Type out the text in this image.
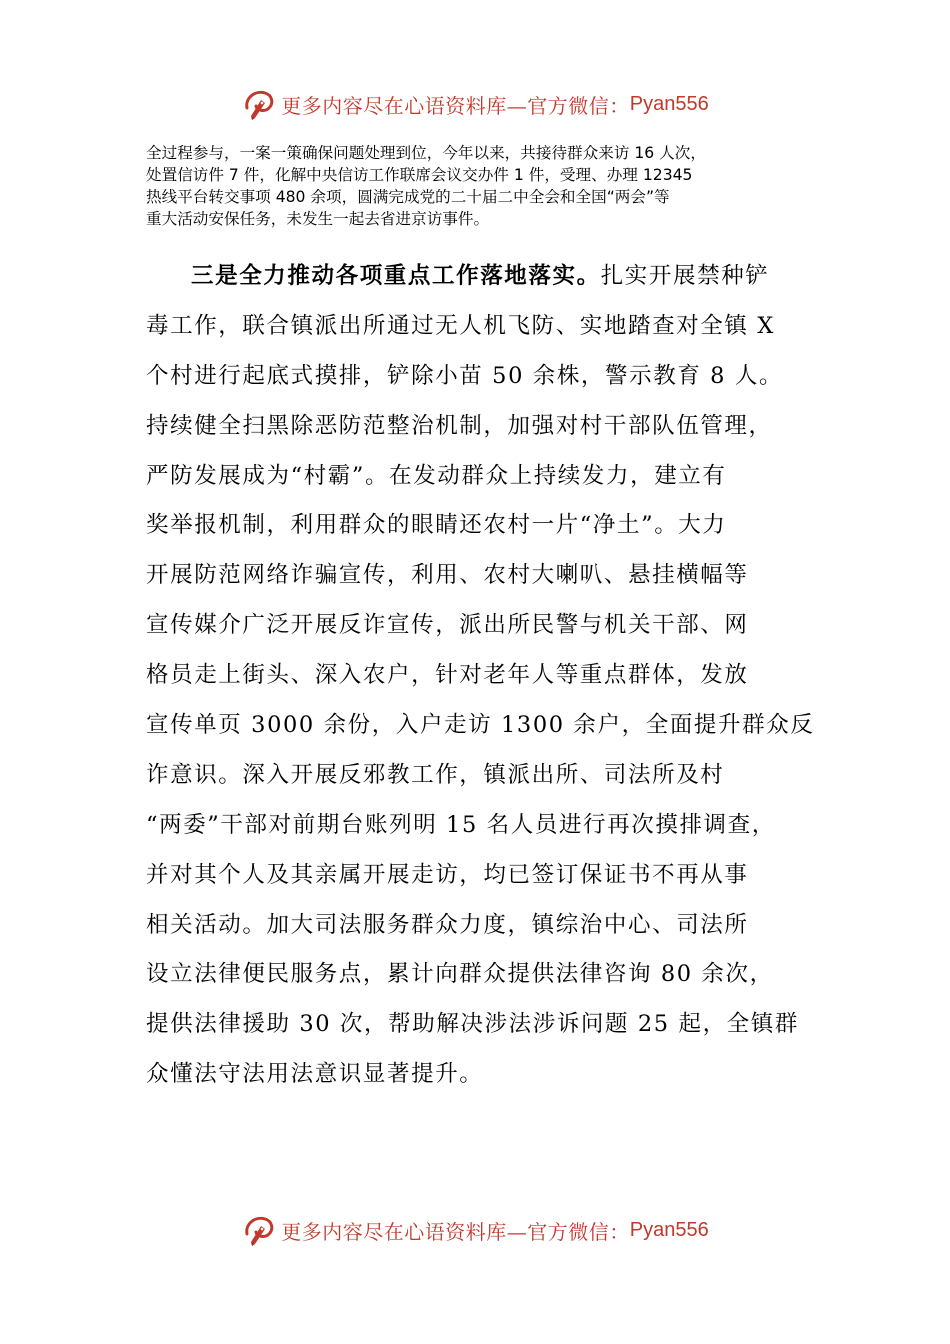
更多内容尽在心语资料库—官方微信： Pyan556

全过程参与，一案一策确保问题处理到位，今年以来，共接待群众来访 16 人次，
处置信访件 7 件，化解中央信访工作联席会议交办件 1 件，受理、办理 12345
热线平台转交事项 480 余项，圆满完成党的二十届二中全会和全国“两会”等
重大活动安保任务，未发生一起去省进京访事件。

三是全力推动各项重点工作落地落实。扎实开展禁种铲
毒工作，联合镇派出所通过无人机飞防、实地踏查对全镇 X
个村进行起底式摸排，铲除小苗 50 余株，警示教育 8 人。
持续健全扫黑除恶防范整治机制，加强对村干部队伍管理，
严防发展成为“村霸”。在发动群众上持续发力，建立有
奖举报机制，利用群众的眼睛还农村一片“净土”。大力
开展防范网络诈骗宣传，利用、农村大喇叭、悬挂横幅等
宣传媒介广泛开展反诈宣传，派出所民警与机关干部、网
格员走上街头、深入农户，针对老年人等重点群体，发放
宣传单页 3000 余份，入户走访 1300 余户，全面提升群众反
诈意识。深入开展反邪教工作，镇派出所、司法所及村
“两委”干部对前期台账列明 15 名人员进行再次摸排调查，
并对其个人及其亲属开展走访，均已签订保证书不再从事
相关活动。加大司法服务群众力度，镇综治中心、司法所
设立法律便民服务点，累计向群众提供法律咨询 80 余次，
提供法律援助 30 次，帮助解决涉法涉诉问题 25 起，全镇群
众懂法守法用法意识显著提升。

更多内容尽在心语资料库—官方微信： Pyan556
